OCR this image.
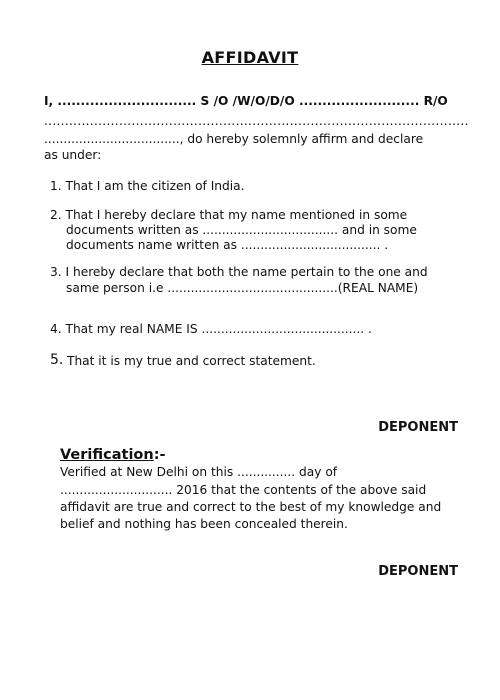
AFFIDAVIT
I, .............................. S /O /W/O/D/O .......................... R/O
......................................................................................................
..................................., do hereby solemnly affirm and declare
as under:
1. That I am the citizen of India.
2. That I hereby declare that my name mentioned in some
documents written as ................................... and in some
documents name written as .................................... .
3. I hereby declare that both the name pertain to the one and
same person i.e ............................................(REAL NAME)
4. That my real NAME IS .......................................... .
5. That it is my true and correct statement.
DEPONENT
Verification:-
Verified at New Delhi on this ............... day of
............................. 2016 that the contents of the above said
affidavit are true and correct to the best of my knowledge and
belief and nothing has been concealed therein.
DEPONENT
